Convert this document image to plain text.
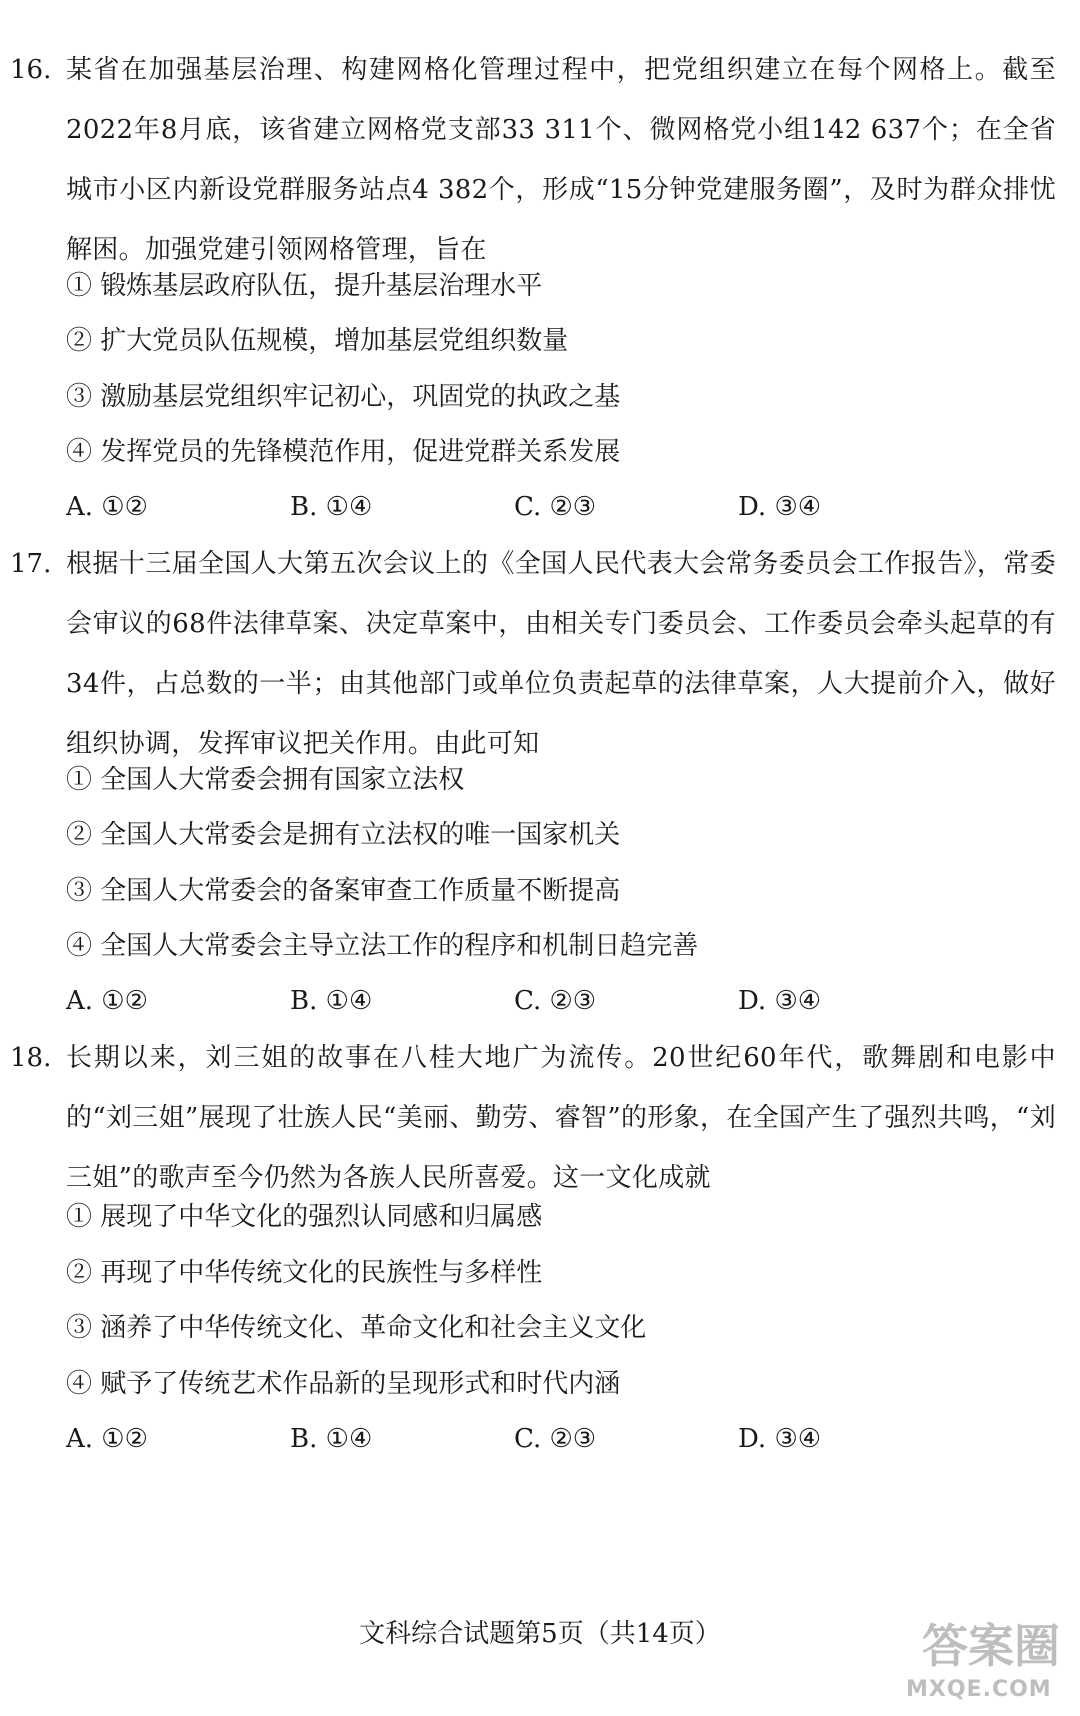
16. 某省在加强基层治理、构建网格化管理过程中，把党组织建立在每个网格上。截至2022年8月底，该省建立网格党支部33 311个、微网格党小组142 637个；在全省城市小区内新设党群服务站点4 382个，形成“15分钟党建服务圈”，及时为群众排忧解困。加强党建引领网格管理，旨在
① 锻炼基层政府队伍，提升基层治理水平
② 扩大党员队伍规模，增加基层党组织数量
③ 激励基层党组织牢记初心，巩固党的执政之基
④ 发挥党员的先锋模范作用，促进党群关系发展
A. ①②	B. ①④	C. ②③	D. ③④
17. 根据十三届全国人大第五次会议上的《全国人民代表大会常务委员会工作报告》，常委会审议的68件法律草案、决定草案中，由相关专门委员会、工作委员会牵头起草的有34件，占总数的一半；由其他部门或单位负责起草的法律草案，人大提前介入，做好组织协调，发挥审议把关作用。由此可知
① 全国人大常委会拥有国家立法权
② 全国人大常委会是拥有立法权的唯一国家机关
③ 全国人大常委会的备案审查工作质量不断提高
④ 全国人大常委会主导立法工作的程序和机制日趋完善
A. ①②	B. ①④	C. ②③	D. ③④
18. 长期以来，刘三姐的故事在八桂大地广为流传。20世纪60年代，歌舞剧和电影中的“刘三姐”展现了壮族人民“美丽、勤劳、睿智”的形象，在全国产生了强烈共鸣，“刘三姐”的歌声至今仍然为各族人民所喜爱。这一文化成就
① 展现了中华文化的强烈认同感和归属感
② 再现了中华传统文化的民族性与多样性
③ 涵养了中华传统文化、革命文化和社会主义文化
④ 赋予了传统艺术作品新的呈现形式和时代内涵
A. ①②	B. ①④	C. ②③	D. ③④
文科综合试题第5页（共14页）	答案圈
MXQE.COM
